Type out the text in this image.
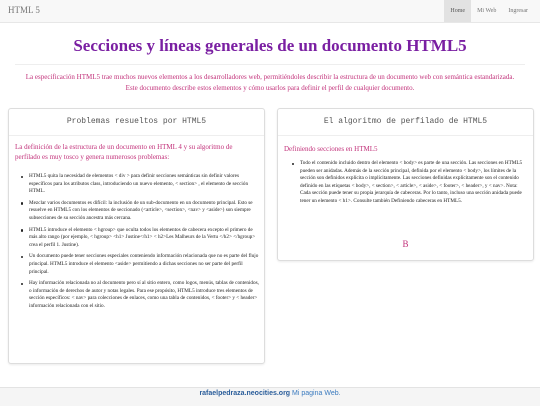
HTML 5	Home	Mi Web	Ingresar
Secciones y líneas generales de un documento HTML5

La especificación HTML5 trae muchos nuevos elementos a los desarrolladores web, permitiéndoles describir la estructura de un documento web con semántica estandarizada. Este documento describe estos elementos y cómo usarlos para definir el perfil de cualquier documento.

Problemas resueltos por HTML5

La definición de la estructura de un documento en HTML 4 y su algoritmo de perfilado es muy tosco y genera numerosos problemas:

HTML5 quita la necesidad de elementos < div > para definir secciones semánticas sin definir valores específicos para los atributos class, introduciendo un nuevo elemento, < section> , el elemento de sección HTML.
Mezclar varios documentos es difícil: la inclusión de un sub-documento en un documento principal. Esto se resuelve en HTML5 con los elementos de seccionado (<article>, <section>, <nav> y <aside>) son siempre subsecciones de su sección ancestra más cercana.
HTML5 introduce el elemento < hgroup> que oculta todos los elementos de cabecera excepto el primero de más alto rango (por ejemplo, < hgroup> <h1> Justine</h1> < h2>Les Malheurs de la Vertu </h2> </hgroup> crea el perfil 1. Justine).
Un documento puede tener secciones especiales conteniendo información relacionada que no es parte del flujo principal. HTML5 introduce el elemento <aside> permitiendo a dichas secciones no ser parte del perfil principal.
Hay información relacionada no al documento pero sí al sitio entero, como logos, menús, tablas de contenidos, o información de derechos de autor y notas legales. Para ese propósito, HTML5 introduce tres elementos de sección específicos: < nav> para colecciones de enlaces, como una tabla de contenidos, < footer> y < header> información relacionada con el sitio.
El algoritmo de perfilado de HTML5

Definiendo secciones en HTML5

Todo el contenido incluido dentro del elemento < body> es parte de una sección. Las secciones en HTML5 pueden ser anidadas. Además de la sección principal, definida por el elemento < body>, los límites de la sección son definidos explícita o implícitamente. Las secciones definidas explícitamente son el contenido definido en las etiquetas < body>, < section>, < article>, < aside>, < footer>, < header>, y < nav>. Nota: Cada sección puede tener su propia jerarquía de cabeceras. Por lo tanto, incluso una sección anidada puede tener un elemento < h1>. Consulte también Definiendo cabeceras en HTML5.
B
rafaelpedraza.neocities.org Mi pagina Web.
